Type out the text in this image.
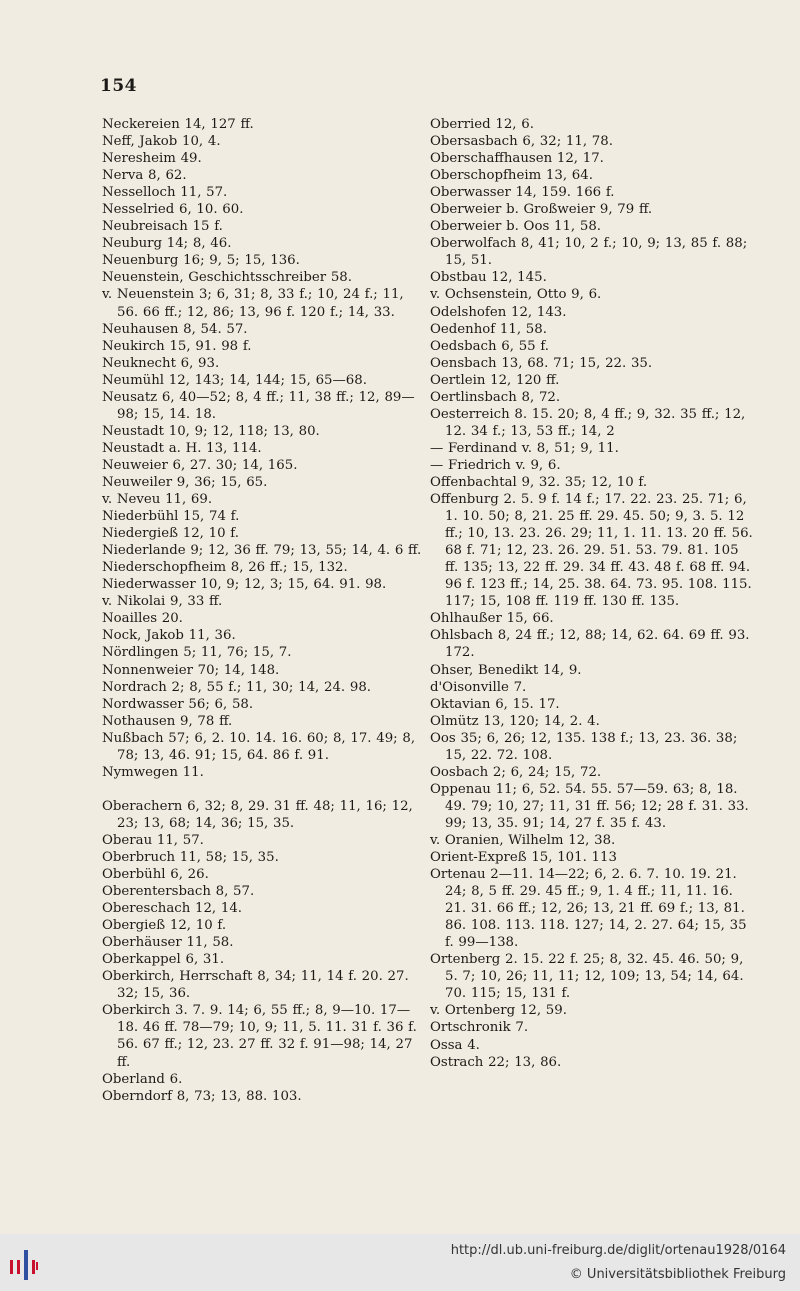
154
Neckereien 14, 127 ff.
Neff, Jakob 10, 4.
Neresheim 49.
Nerva 8, 62.
Nesselloch 11, 57.
Nesselried 6, 10. 60.
Neubreisach 15 f.
Neuburg 14; 8, 46.
Neuenburg 16; 9, 5; 15, 136.
Neuenstein, Geschichtsschreiber 58.
v. Neuenstein 3; 6, 31; 8, 33 f.; 10, 24 f.; 11, 56. 66 ff.; 12, 86; 13, 96 f. 120 f.; 14, 33.
Neuhausen 8, 54. 57.
Neukirch 15, 91. 98 f.
Neuknecht 6, 93.
Neumühl 12, 143; 14, 144; 15, 65—68.
Neusatz 6, 40—52; 8, 4 ff.; 11, 38 ff.; 12, 89—98; 15, 14. 18.
Neustadt 10, 9; 12, 118; 13, 80.
Neustadt a. H. 13, 114.
Neuweier 6, 27. 30; 14, 165.
Neuweiler 9, 36; 15, 65.
v. Neveu 11, 69.
Niederbühl 15, 74 f.
Niedergieß 12, 10 f.
Niederlande 9; 12, 36 ff. 79; 13, 55; 14, 4. 6 ff.
Niederschopfheim 8, 26 ff.; 15, 132.
Niederwasser 10, 9; 12, 3; 15, 64. 91. 98.
v. Nikolai 9, 33 ff.
Noailles 20.
Nock, Jakob 11, 36.
Nördlingen 5; 11, 76; 15, 7.
Nonnenweier 70; 14, 148.
Nordrach 2; 8, 55 f.; 11, 30; 14, 24. 98.
Nordwasser 56; 6, 58.
Nothausen 9, 78 ff.
Nußbach 57; 6, 2. 10. 14. 16. 60; 8, 17. 49; 8, 78; 13, 46. 91; 15, 64. 86 f. 91.
Nymwegen 11.
Oberachern 6, 32; 8, 29. 31 ff. 48; 11, 16; 12, 23; 13, 68; 14, 36; 15, 35.
Oberau 11, 57.
Oberbruch 11, 58; 15, 35.
Oberbühl 6, 26.
Oberentersbach 8, 57.
Obereschach 12, 14.
Obergieß 12, 10 f.
Oberhäuser 11, 58.
Oberkappel 6, 31.
Oberkirch, Herrschaft 8, 34; 11, 14 f. 20. 27. 32; 15, 36.
Oberkirch 3. 7. 9. 14; 6, 55 ff.; 8, 9—10. 17—18. 46 ff. 78—79; 10, 9; 11, 5. 11. 31 f. 36 f. 56. 67 ff.; 12, 23. 27 ff. 32 f. 91—98; 14, 27 ff.
Oberland 6.
Oberndorf 8, 73; 13, 88. 103.
Oberried 12, 6.
Obersasbach 6, 32; 11, 78.
Oberschaffhausen 12, 17.
Oberschopfheim 13, 64.
Oberwasser 14, 159. 166 f.
Oberweier b. Großweier 9, 79 ff.
Oberweier b. Oos 11, 58.
Oberwolfach 8, 41; 10, 2 f.; 10, 9; 13, 85 f. 88; 15, 51.
Obstbau 12, 145.
v. Ochsenstein, Otto 9, 6.
Odelshofen 12, 143.
Oedenhof 11, 58.
Oedsbach 6, 55 f.
Oensbach 13, 68. 71; 15, 22. 35.
Oertlein 12, 120 ff.
Oertlinsbach 8, 72.
Oesterreich 8. 15. 20; 8, 4 ff.; 9, 32. 35 ff.; 12, 12. 34 f.; 13, 53 ff.; 14, 2
— Ferdinand v. 8, 51; 9, 11.
— Friedrich v. 9, 6.
Offenbachtal 9, 32. 35; 12, 10 f.
Offenburg 2. 5. 9 f. 14 f.; 17. 22. 23. 25. 71; 6, 1. 10. 50; 8, 21. 25 ff. 29. 45. 50; 9, 3. 5. 12 ff.; 10, 13. 23. 26. 29; 11, 1. 11. 13. 20 ff. 56. 68 f. 71; 12, 23. 26. 29. 51. 53. 79. 81. 105 ff. 135; 13, 22 ff. 29. 34 ff. 43. 48 f. 68 ff. 94. 96 f. 123 ff.; 14, 25. 38. 64. 73. 95. 108. 115. 117; 15, 108 ff. 119 ff. 130 ff. 135.
Ohlhaußer 15, 66.
Ohlsbach 8, 24 ff.; 12, 88; 14, 62. 64. 69 ff. 93. 172.
Ohser, Benedikt 14, 9.
d'Oisonville 7.
Oktavian 6, 15. 17.
Olmütz 13, 120; 14, 2. 4.
Oos 35; 6, 26; 12, 135. 138 f.; 13, 23. 36. 38; 15, 22. 72. 108.
Oosbach 2; 6, 24; 15, 72.
Oppenau 11; 6, 52. 54. 55. 57—59. 63; 8, 18. 49. 79; 10, 27; 11, 31 ff. 56; 12; 28 f. 31. 33. 99; 13, 35. 91; 14, 27 f. 35 f. 43.
v. Oranien, Wilhelm 12, 38.
Orient-Expreß 15, 101. 113
Ortenau 2—11. 14—22; 6, 2. 6. 7. 10. 19. 21. 24; 8, 5 ff. 29. 45 ff.; 9, 1. 4 ff.; 11, 11. 16. 21. 31. 66 ff.; 12, 26; 13, 21 ff. 69 f.; 13, 81. 86. 108. 113. 118. 127; 14, 2. 27. 64; 15, 35 f. 99—138.
Ortenberg 2. 15. 22 f. 25; 8, 32. 45. 46. 50; 9, 5. 7; 10, 26; 11, 11; 12, 109; 13, 54; 14, 64. 70. 115; 15, 131 f.
v. Ortenberg 12, 59.
Ortschronik 7.
Ossa 4.
Ostrach 22; 13, 86.
http://dl.ub.uni-freiburg.de/diglit/ortenau1928/0164
© Universitätsbibliothek Freiburg
